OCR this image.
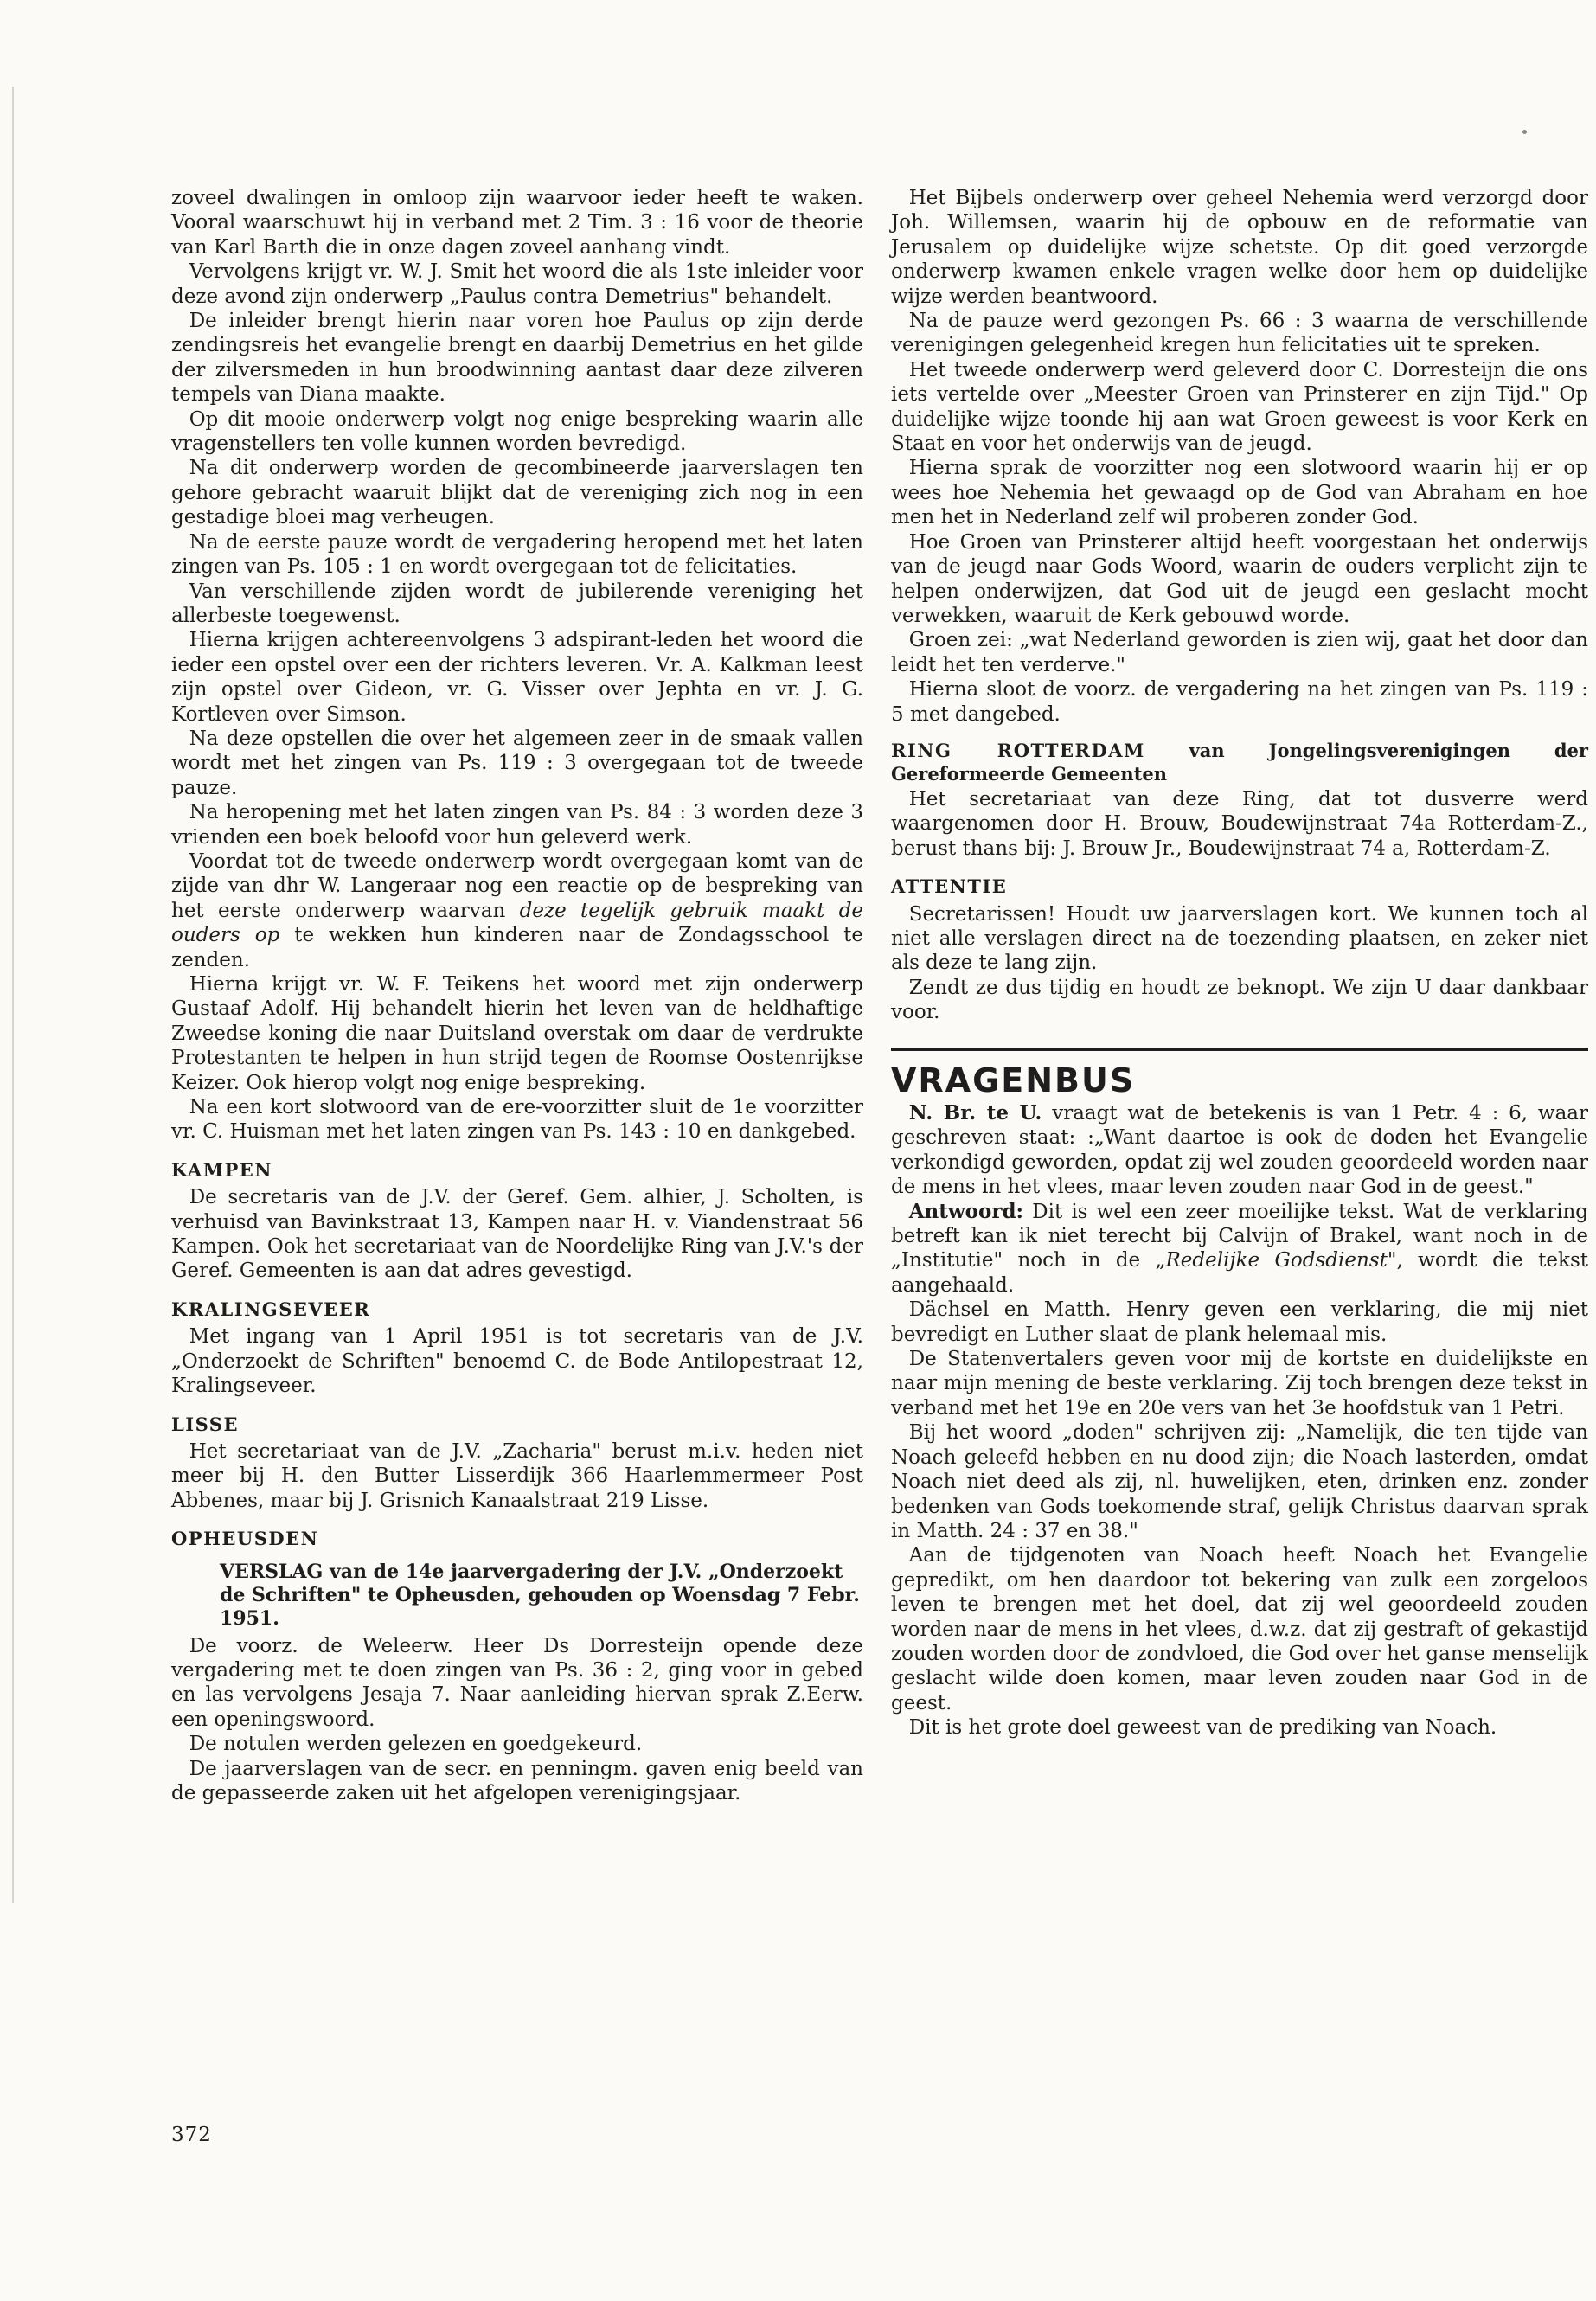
zoveel dwalingen in omloop zijn waarvoor ieder heeft te waken. Vooral waarschuwt hij in verband met 2 Tim. 3 : 16 voor de theorie van Karl Barth die in onze dagen zoveel aanhang vindt.

Vervolgens krijgt vr. W. J. Smit het woord die als 1ste inleider voor deze avond zijn onderwerp „Paulus contra Demetrius" behandelt.

De inleider brengt hierin naar voren hoe Paulus op zijn derde zendingsreis het evangelie brengt en daarbij Demetrius en het gilde der zilversmeden in hun broodwinning aantast daar deze zilveren tempels van Diana maakte.

Op dit mooie onderwerp volgt nog enige bespreking waarin alle vragenstellers ten volle kunnen worden bevredigd.

Na dit onderwerp worden de gecombineerde jaarverslagen ten gehore gebracht waaruit blijkt dat de vereniging zich nog in een gestadige bloei mag verheugen.

Na de eerste pauze wordt de vergadering heropend met het laten zingen van Ps. 105 : 1 en wordt overgegaan tot de felicitaties.

Van verschillende zijden wordt de jubilerende vereniging het allerbeste toegewenst.

Hierna krijgen achtereenvolgens 3 adspirant-leden het woord die ieder een opstel over een der richters leveren. Vr. A. Kalkman leest zijn opstel over Gideon, vr. G. Visser over Jephta en vr. J. G. Kortleven over Simson.

Na deze opstellen die over het algemeen zeer in de smaak vallen wordt met het zingen van Ps. 119 : 3 overgegaan tot de tweede pauze.

Na heropening met het laten zingen van Ps. 84 : 3 worden deze 3 vrienden een boek beloofd voor hun geleverd werk.

Voordat tot de tweede onderwerp wordt overgegaan komt van de zijde van dhr W. Langeraar nog een reactie op de bespreking van het eerste onderwerp waarvan deze tegelijk gebruik maakt de ouders op te wekken hun kinderen naar de Zondagsschool te zenden.

Hierna krijgt vr. W. F. Teikens het woord met zijn onderwerp Gustaaf Adolf. Hij behandelt hierin het leven van de heldhaftige Zweedse koning die naar Duitsland overstak om daar de verdrukte Protestanten te helpen in hun strijd tegen de Roomse Oostenrijkse Keizer. Ook hierop volgt nog enige bespreking.

Na een kort slotwoord van de ere-voorzitter sluit de 1e voorzitter vr. C. Huisman met het laten zingen van Ps. 143 : 10 en dankgebed.

KAMPEN

De secretaris van de J.V. der Geref. Gem. alhier, J. Scholten, is verhuisd van Bavinkstraat 13, Kampen naar H. v. Viandenstraat 56 Kampen. Ook het secretariaat van de Noordelijke Ring van J.V.'s der Geref. Gemeenten is aan dat adres gevestigd.

KRALINGSEVEER

Met ingang van 1 April 1951 is tot secretaris van de J.V. „Onderzoekt de Schriften" benoemd C. de Bode Antilopestraat 12, Kralingseveer.

LISSE

Het secretariaat van de J.V. „Zacharia" berust m.i.v. heden niet meer bij H. den Butter Lisserdijk 366 Haarlemmermeer Post Abbenes, maar bij J. Grisnich Kanaalstraat 219 Lisse.

OPHEUSDEN
VERSLAG van de 14e jaarvergadering der J.V. „Onderzoekt de Schriften" te Opheusden, gehouden op Woensdag 7 Febr. 1951.

De voorz. de Weleerw. Heer Ds Dorresteijn opende deze vergadering met te doen zingen van Ps. 36 : 2, ging voor in gebed en las vervolgens Jesaja 7. Naar aanleiding hiervan sprak Z.Eerw. een openingswoord.

De notulen werden gelezen en goedgekeurd.

De jaarverslagen van de secr. en penningm. gaven enig beeld van de gepasseerde zaken uit het afgelopen verenigingsjaar.

Het Bijbels onderwerp over geheel Nehemia werd verzorgd door Joh. Willemsen, waarin hij de opbouw en de reformatie van Jerusalem op duidelijke wijze schetste. Op dit goed verzorgde onderwerp kwamen enkele vragen welke door hem op duidelijke wijze werden beantwoord.

Na de pauze werd gezongen Ps. 66 : 3 waarna de verschillende verenigingen gelegenheid kregen hun felicitaties uit te spreken.

Het tweede onderwerp werd geleverd door C. Dorresteijn die ons iets vertelde over „Meester Groen van Prinsterer en zijn Tijd." Op duidelijke wijze toonde hij aan wat Groen geweest is voor Kerk en Staat en voor het onderwijs van de jeugd.

Hierna sprak de voorzitter nog een slotwoord waarin hij er op wees hoe Nehemia het gewaagd op de God van Abraham en hoe men het in Nederland zelf wil proberen zonder God.

Hoe Groen van Prinsterer altijd heeft voorgestaan het onderwijs van de jeugd naar Gods Woord, waarin de ouders verplicht zijn te helpen onderwijzen, dat God uit de jeugd een geslacht mocht verwekken, waaruit de Kerk gebouwd worde.

Groen zei: „wat Nederland geworden is zien wij, gaat het door dan leidt het ten verderve."

Hierna sloot de voorz. de vergadering na het zingen van Ps. 119 : 5 met dangebed.

RING ROTTERDAM van Jongelingsverenigingen der Gereformeerde Gemeenten

Het secretariaat van deze Ring, dat tot dusverre werd waargenomen door H. Brouw, Boudewijnstraat 74a Rotterdam-Z., berust thans bij: J. Brouw Jr., Boudewijnstraat 74 a, Rotterdam-Z.

ATTENTIE

Secretarissen! Houdt uw jaarverslagen kort. We kunnen toch al niet alle verslagen direct na de toezending plaatsen, en zeker niet als deze te lang zijn.

Zendt ze dus tijdig en houdt ze beknopt. We zijn U daar dankbaar voor.

VRAGENBUS

N. Br. te U. vraagt wat de betekenis is van 1 Petr. 4 : 6, waar geschreven staat: :„Want daartoe is ook de doden het Evangelie verkondigd geworden, opdat zij wel zouden geoordeeld worden naar de mens in het vlees, maar leven zouden naar God in de geest."

Antwoord: Dit is wel een zeer moeilijke tekst. Wat de verklaring betreft kan ik niet terecht bij Calvijn of Brakel, want noch in de „Institutie" noch in de „Redelijke Godsdienst", wordt die tekst aangehaald.

Dächsel en Matth. Henry geven een verklaring, die mij niet bevredigt en Luther slaat de plank helemaal mis.

De Statenvertalers geven voor mij de kortste en duidelijkste en naar mijn mening de beste verklaring. Zij toch brengen deze tekst in verband met het 19e en 20e vers van het 3e hoofdstuk van 1 Petri.

Bij het woord „doden" schrijven zij: „Namelijk, die ten tijde van Noach geleefd hebben en nu dood zijn; die Noach lasterden, omdat Noach niet deed als zij, nl. huwelijken, eten, drinken enz. zonder bedenken van Gods toekomende straf, gelijk Christus daarvan sprak in Matth. 24 : 37 en 38."

Aan de tijdgenoten van Noach heeft Noach het Evangelie gepredikt, om hen daardoor tot bekering van zulk een zorgeloos leven te brengen met het doel, dat zij wel geoordeeld zouden worden naar de mens in het vlees, d.w.z. dat zij gestraft of gekastijd zouden worden door de zondvloed, die God over het ganse menselijk geslacht wilde doen komen, maar leven zouden naar God in de geest.

Dit is het grote doel geweest van de prediking van Noach.

372
